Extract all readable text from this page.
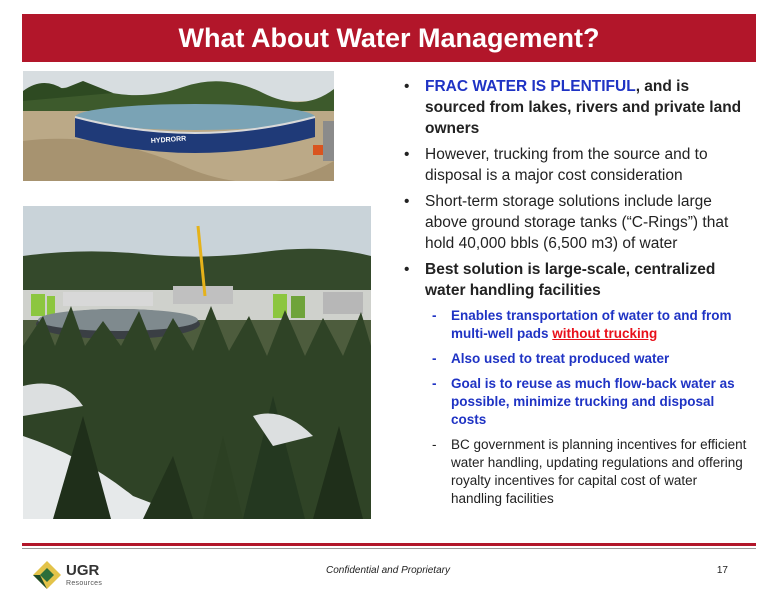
What About Water Management?
HYDRORR
•	FRAC WATER IS PLENTIFUL, and is sourced from lakes, rivers and private land owners
•	However, trucking from the source and to disposal is a major cost consideration
•	Short-term storage solutions include large above ground storage tanks (“C-Rings”) that hold 40,000 bbls (6,500 m3) of water
•	Best solution is large-scale, centralized water handling facilities
- Enables transportation of water to and from multi-well pads without trucking
- Also used to treat produced water
- Goal is to reuse as much flow-back water as possible, minimize trucking and disposal costs
- BC government is planning incentives for efficient water handling, updating regulations and offering royalty incentives for capital cost of water handling facilities
UGR
Resources
Confidential and Proprietary	17
